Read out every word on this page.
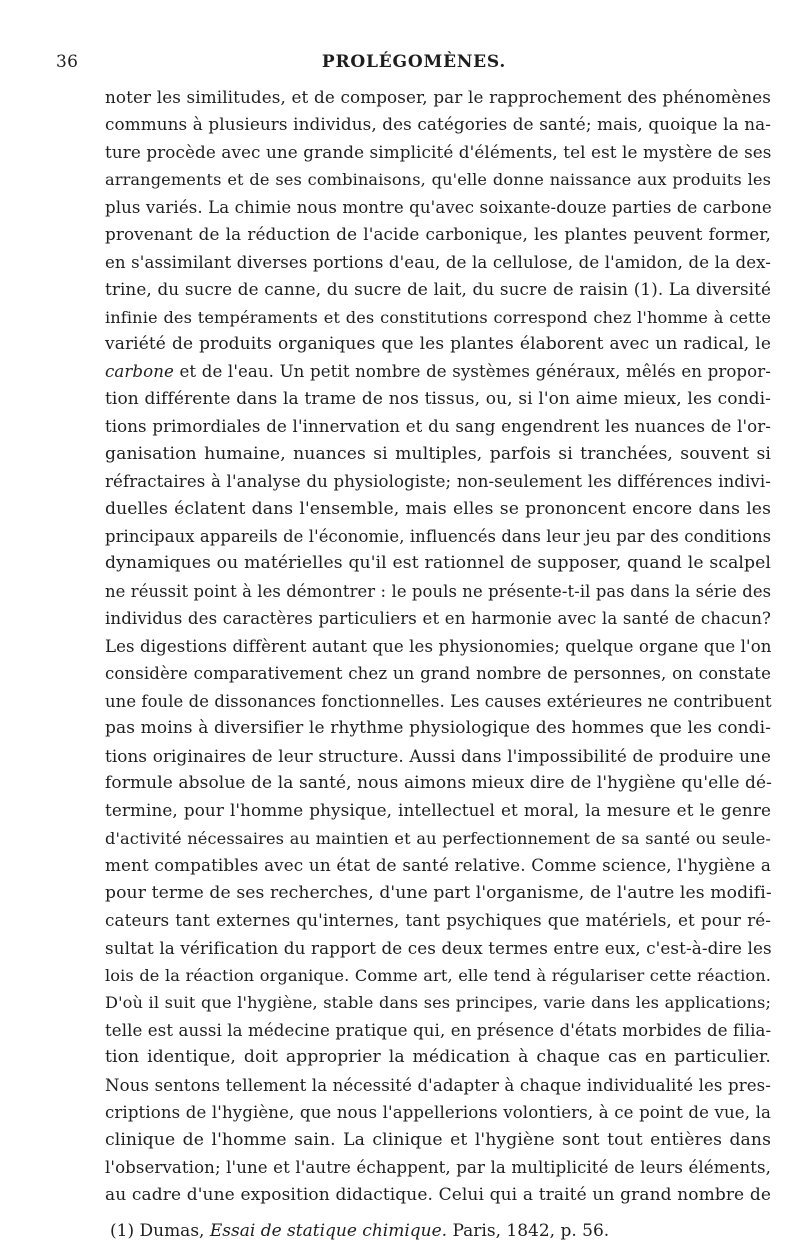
36	PROLÉGOMÈNES.
noter les similitudes, et de composer, par le rapprochement des phénomènes
communs à plusieurs individus, des catégories de santé; mais, quoique la na-
ture procède avec une grande simplicité d'éléments, tel est le mystère de ses
arrangements et de ses combinaisons, qu'elle donne naissance aux produits les
plus variés. La chimie nous montre qu'avec soixante-douze parties de carbone
provenant de la réduction de l'acide carbonique, les plantes peuvent former,
en s'assimilant diverses portions d'eau, de la cellulose, de l'amidon, de la dex-
trine, du sucre de canne, du sucre de lait, du sucre de raisin (1). La diversité
infinie des tempéraments et des constitutions correspond chez l'homme à cette
variété de produits organiques que les plantes élaborent avec un radical, le
carbone et de l'eau. Un petit nombre de systèmes généraux, mêlés en propor-
tion différente dans la trame de nos tissus, ou, si l'on aime mieux, les condi-
tions primordiales de l'innervation et du sang engendrent les nuances de l'or-
ganisation humaine, nuances si multiples, parfois si tranchées, souvent si
réfractaires à l'analyse du physiologiste; non-seulement les différences indivi-
duelles éclatent dans l'ensemble, mais elles se prononcent encore dans les
principaux appareils de l'économie, influencés dans leur jeu par des conditions
dynamiques ou matérielles qu'il est rationnel de supposer, quand le scalpel
ne réussit point à les démontrer : le pouls ne présente-t-il pas dans la série des
individus des caractères particuliers et en harmonie avec la santé de chacun?
Les digestions diffèrent autant que les physionomies; quelque organe que l'on
considère comparativement chez un grand nombre de personnes, on constate
une foule de dissonances fonctionnelles. Les causes extérieures ne contribuent
pas moins à diversifier le rhythme physiologique des hommes que les condi-
tions originaires de leur structure. Aussi dans l'impossibilité de produire une
formule absolue de la santé, nous aimons mieux dire de l'hygiène qu'elle dé-
termine, pour l'homme physique, intellectuel et moral, la mesure et le genre
d'activité nécessaires au maintien et au perfectionnement de sa santé ou seule-
ment compatibles avec un état de santé relative. Comme science, l'hygiène a
pour terme de ses recherches, d'une part l'organisme, de l'autre les modifi-
cateurs tant externes qu'internes, tant psychiques que matériels, et pour ré-
sultat la vérification du rapport de ces deux termes entre eux, c'est-à-dire les
lois de la réaction organique. Comme art, elle tend à régulariser cette réaction.
D'où il suit que l'hygiène, stable dans ses principes, varie dans les applications;
telle est aussi la médecine pratique qui, en présence d'états morbides de filia-
tion identique, doit approprier la médication à chaque cas en particulier.
Nous sentons tellement la nécessité d'adapter à chaque individualité les pres-
criptions de l'hygiène, que nous l'appellerions volontiers, à ce point de vue, la
clinique de l'homme sain. La clinique et l'hygiène sont tout entières dans
l'observation; l'une et l'autre échappent, par la multiplicité de leurs éléments,
au cadre d'une exposition didactique. Celui qui a traité un grand nombre de
(1) Dumas, Essai de statique chimique. Paris, 1842, p. 56.
